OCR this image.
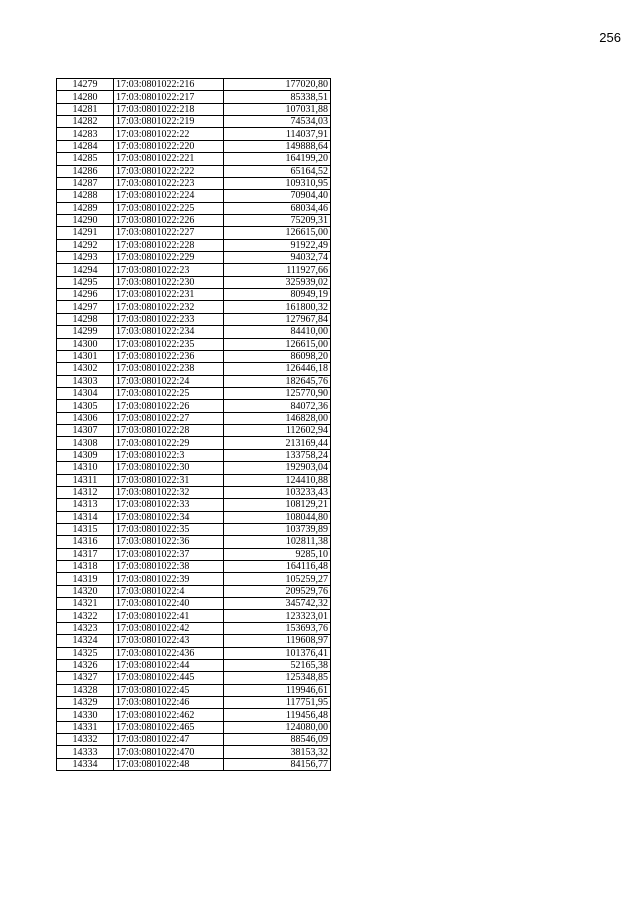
256
14279	17:03:0801022:216	177020,80
14280	17:03:0801022:217	85338,51
14281	17:03:0801022:218	107031,88
14282	17:03:0801022:219	74534,03
14283	17:03:0801022:22	114037,91
14284	17:03:0801022:220	149888,64
14285	17:03:0801022:221	164199,20
14286	17:03:0801022:222	65164,52
14287	17:03:0801022:223	109310,95
14288	17:03:0801022:224	70904,40
14289	17:03:0801022:225	68034,46
14290	17:03:0801022:226	75209,31
14291	17:03:0801022:227	126615,00
14292	17:03:0801022:228	91922,49
14293	17:03:0801022:229	94032,74
14294	17:03:0801022:23	111927,66
14295	17:03:0801022:230	325939,02
14296	17:03:0801022:231	80949,19
14297	17:03:0801022:232	161800,32
14298	17:03:0801022:233	127967,84
14299	17:03:0801022:234	84410,00
14300	17:03:0801022:235	126615,00
14301	17:03:0801022:236	86098,20
14302	17:03:0801022:238	126446,18
14303	17:03:0801022:24	182645,76
14304	17:03:0801022:25	125770,90
14305	17:03:0801022:26	84072,36
14306	17:03:0801022:27	146828,00
14307	17:03:0801022:28	112602,94
14308	17:03:0801022:29	213169,44
14309	17:03:0801022:3	133758,24
14310	17:03:0801022:30	192903,04
14311	17:03:0801022:31	124410,88
14312	17:03:0801022:32	103233,43
14313	17:03:0801022:33	108129,21
14314	17:03:0801022:34	108044,80
14315	17:03:0801022:35	103739,89
14316	17:03:0801022:36	102811,38
14317	17:03:0801022:37	9285,10
14318	17:03:0801022:38	164116,48
14319	17:03:0801022:39	105259,27
14320	17:03:0801022:4	209529,76
14321	17:03:0801022:40	345742,32
14322	17:03:0801022:41	123323,01
14323	17:03:0801022:42	153693,76
14324	17:03:0801022:43	119608,97
14325	17:03:0801022:436	101376,41
14326	17:03:0801022:44	52165,38
14327	17:03:0801022:445	125348,85
14328	17:03:0801022:45	119946,61
14329	17:03:0801022:46	117751,95
14330	17:03:0801022:462	119456,48
14331	17:03:0801022:465	124080,00
14332	17:03:0801022:47	88546,09
14333	17:03:0801022:470	38153,32
14334	17:03:0801022:48	84156,77
